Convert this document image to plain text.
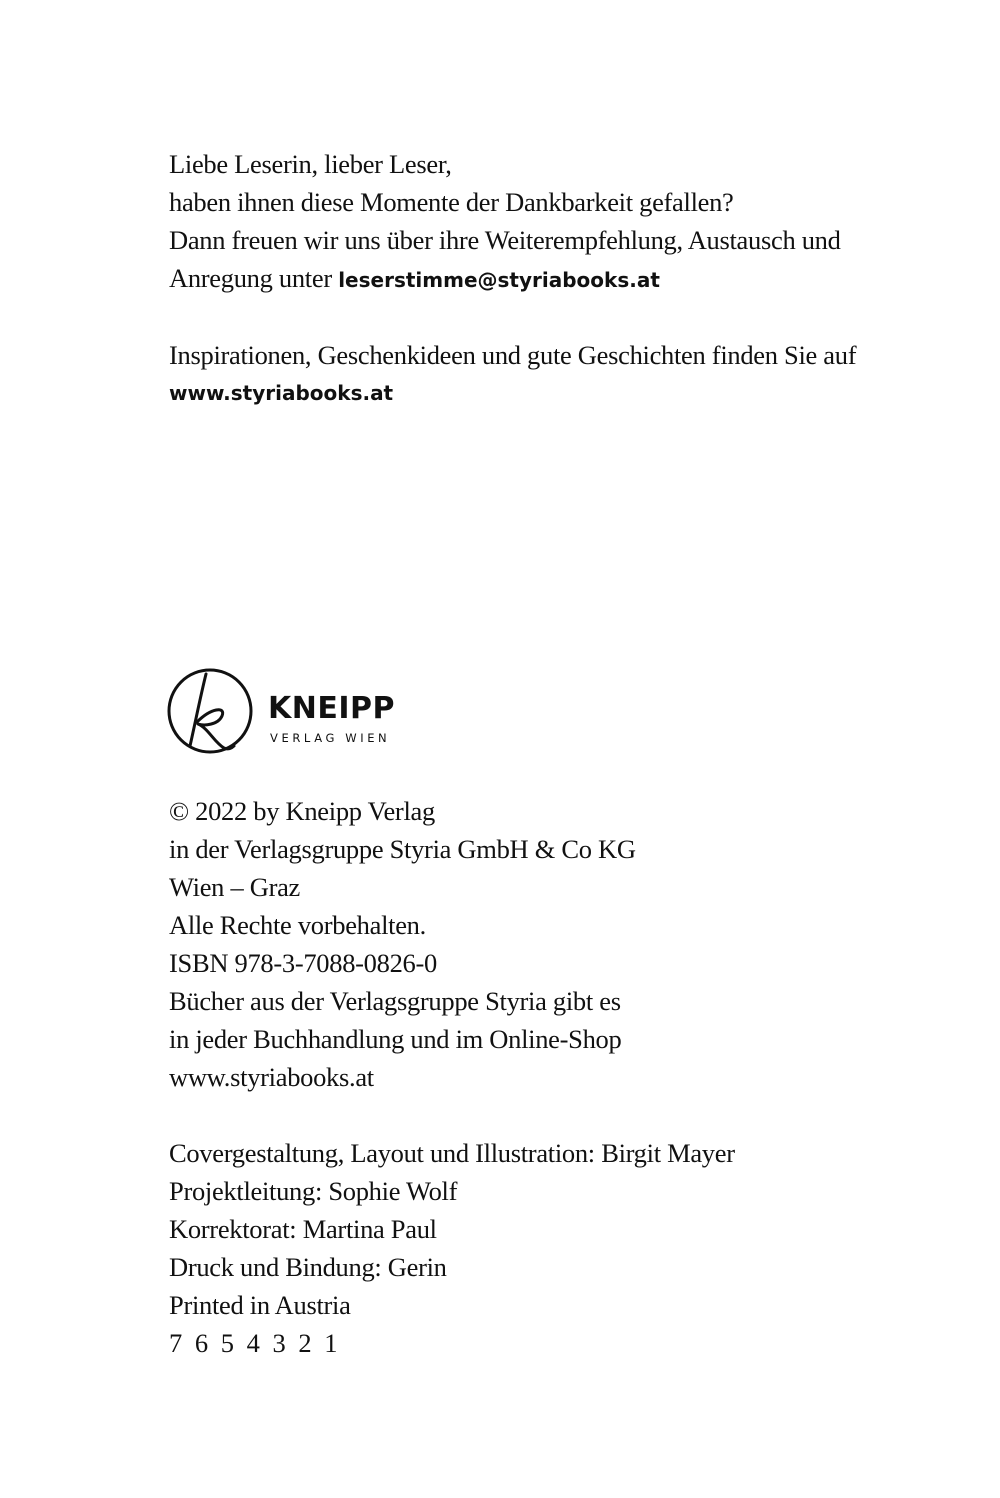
Liebe Leserin, lieber Leser,
haben ihnen diese Momente der Dankbarkeit gefallen?
Dann freuen wir uns über ihre Weiterempfehlung, Austausch und
Anregung unter leserstimme@styriabooks.at
Inspirationen, Geschenkideen und gute Geschichten finden Sie auf
www.styriabooks.at
KNEIPP
VERLAG WIEN
© 2022 by Kneipp Verlag
in der Verlagsgruppe Styria GmbH & Co KG
Wien – Graz
Alle Rechte vorbehalten.
ISBN 978-3-7088-0826-0
Bücher aus der Verlagsgruppe Styria gibt es
in jeder Buchhandlung und im Online-Shop
www.styriabooks.at
Covergestaltung, Layout und Illustration: Birgit Mayer
Projektleitung: Sophie Wolf
Korrektorat: Martina Paul
Druck und Bindung: Gerin
Printed in Austria
7 6 5 4 3 2 1
